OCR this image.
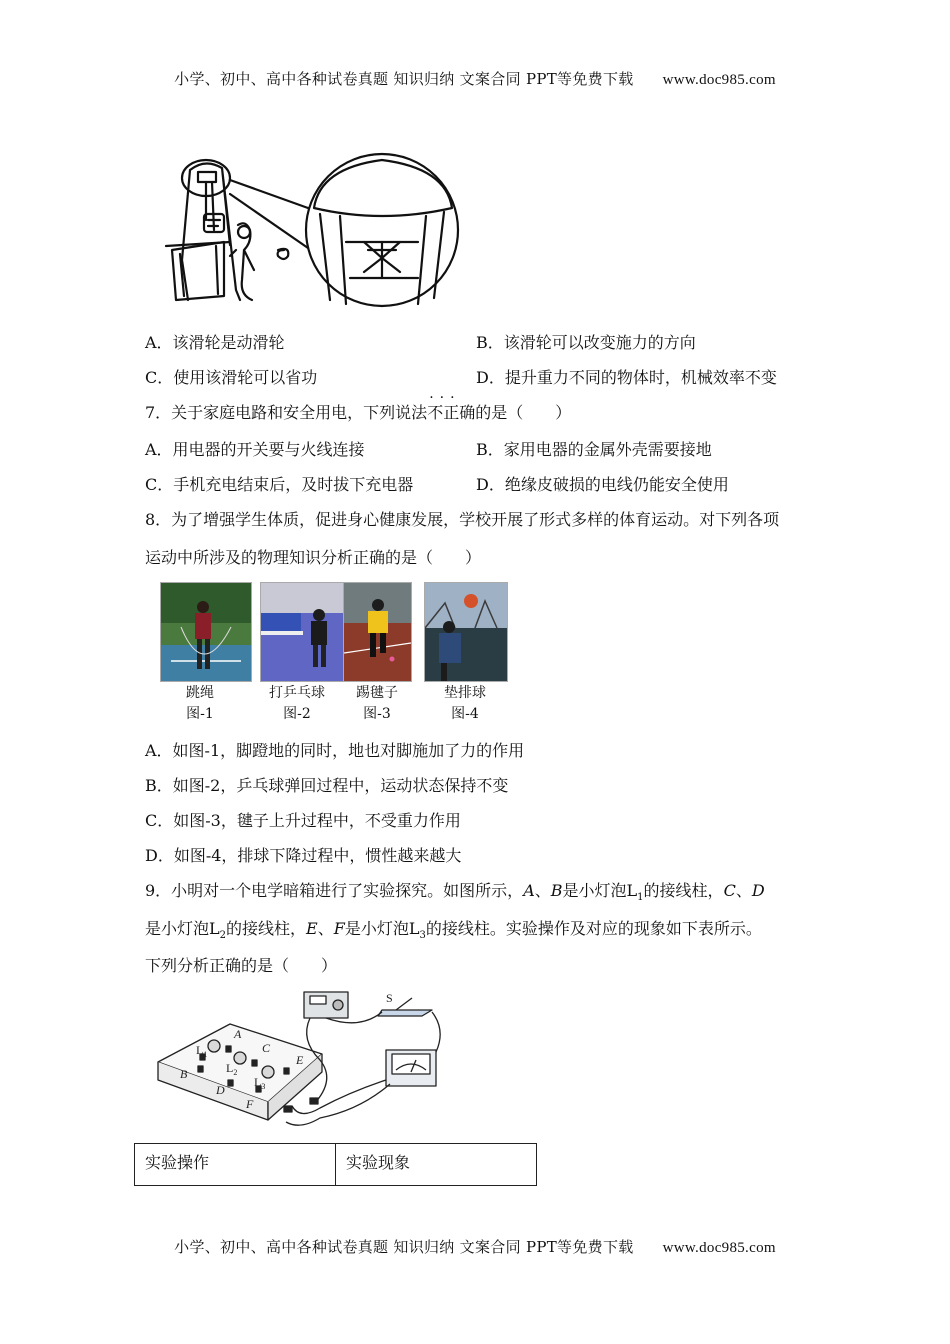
小学、初中、高中各种试卷真题 知识归纳 文案合同 PPT等免费下载 www.doc985.com
A．该滑轮是动滑轮	B．该滑轮可以改变施力的方向
C．使用该滑轮可以省功	D．提升重力不同的物体时，机械效率不变
7．关于家庭电路和安全用电，下列说法
···
不正确的是（　　）
A．用电器的开关要与火线连接	B．家用电器的金属外壳需要接地
C．手机充电结束后，及时拔下充电器	D．绝缘皮破损的电线仍能安全使用
8．为了增强学生体质，促进身心健康发展，学校开展了形式多样的体育运动。对下列各项
运动中所涉及的物理知识分析正确的是（　　）
跳绳
图-1
打乒乓球
图-2
踢毽子
图-3
垫排球
图-4
A．如图-1，脚蹬地的同时，地也对脚施加了力的作用
B．如图-2，乒乓球弹回过程中，运动状态保持不变
C．如图-3，毽子上升过程中，不受重力作用
D．如图-4，排球下降过程中，惯性越来越大
9．小明对一个电学暗箱进行了实验探究。如图所示，A、B是小灯泡$L_1$的接线柱，C、D
是小灯泡$L_2$的接线柱，E、F是小灯泡$L_3$的接线柱。实验操作及对应的现象如下表所示。
下列分析正确的是（　　）
A
B
C
D
E
F
S
$L_1$
$L_2$
$L_3$
实验操作	实验现象
小学、初中、高中各种试卷真题 知识归纳 文案合同 PPT等免费下载 www.doc985.com
